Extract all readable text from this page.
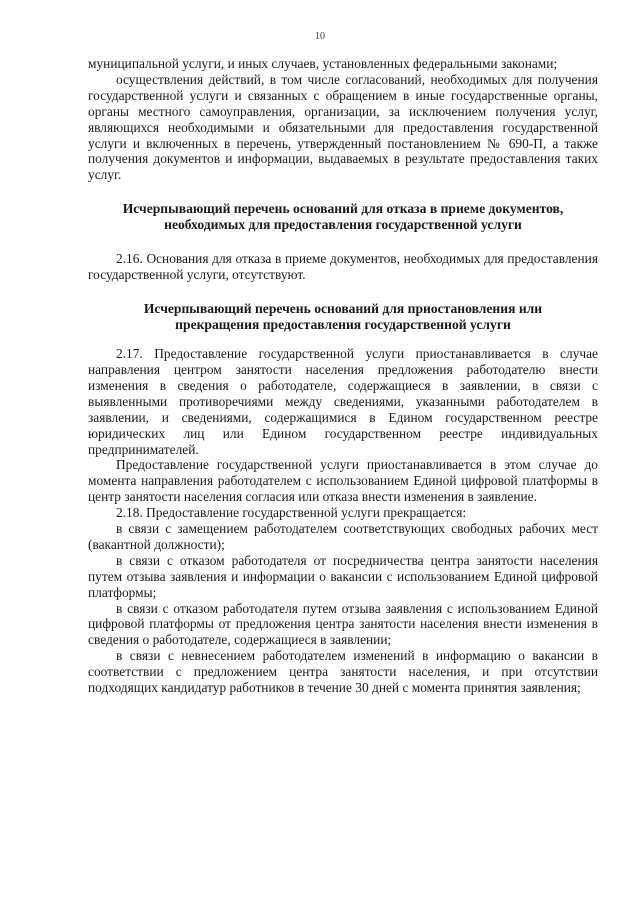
10

муниципальной услуги, и иных случаев, установленных федеральными законами;

осуществления действий, в том числе согласований, необходимых для получения государственной услуги и связанных с обращением в иные государственные органы, органы местного самоуправления, организации, за исключением получения услуг, являющихся необходимыми и обязательными для предоставления государственной услуги и включенных в перечень, утвержденный постановлением № 690-П, а также получения документов и информации, выдаваемых в результате предоставления таких услуг.

Исчерпывающий перечень оснований для отказа в приеме документов, необходимых для предоставления государственной услуги

2.16. Основания для отказа в приеме документов, необходимых для предоставления государственной услуги, отсутствуют.

Исчерпывающий перечень оснований для приостановления или прекращения предоставления государственной услуги

2.17. Предоставление государственной услуги приостанавливается в случае направления центром занятости населения предложения работодателю внести изменения в сведения о работодателе, содержащиеся в заявлении, в связи с выявленными противоречиями между сведениями, указанными работодателем в заявлении, и сведениями, содержащимися в Едином государственном реестре юридических лиц или Едином государственном реестре индивидуальных предпринимателей.

Предоставление государственной услуги приостанавливается в этом случае до момента направления работодателем с использованием Единой цифровой платформы в центр занятости населения согласия или отказа внести изменения в заявление.

2.18. Предоставление государственной услуги прекращается:

в связи с замещением работодателем соответствующих свободных рабочих мест (вакантной должности);

в связи с отказом работодателя от посредничества центра занятости населения путем отзыва заявления и информации о вакансии с использованием Единой цифровой платформы;

в связи с отказом работодателя путем отзыва заявления с использованием Единой цифровой платформы от предложения центра занятости населения внести изменения в сведения о работодателе, содержащиеся в заявлении;

в связи с невнесением работодателем изменений в информацию о вакансии в соответствии с предложением центра занятости населения, и при отсутствии подходящих кандидатур работников в течение 30 дней с момента принятия заявления;
